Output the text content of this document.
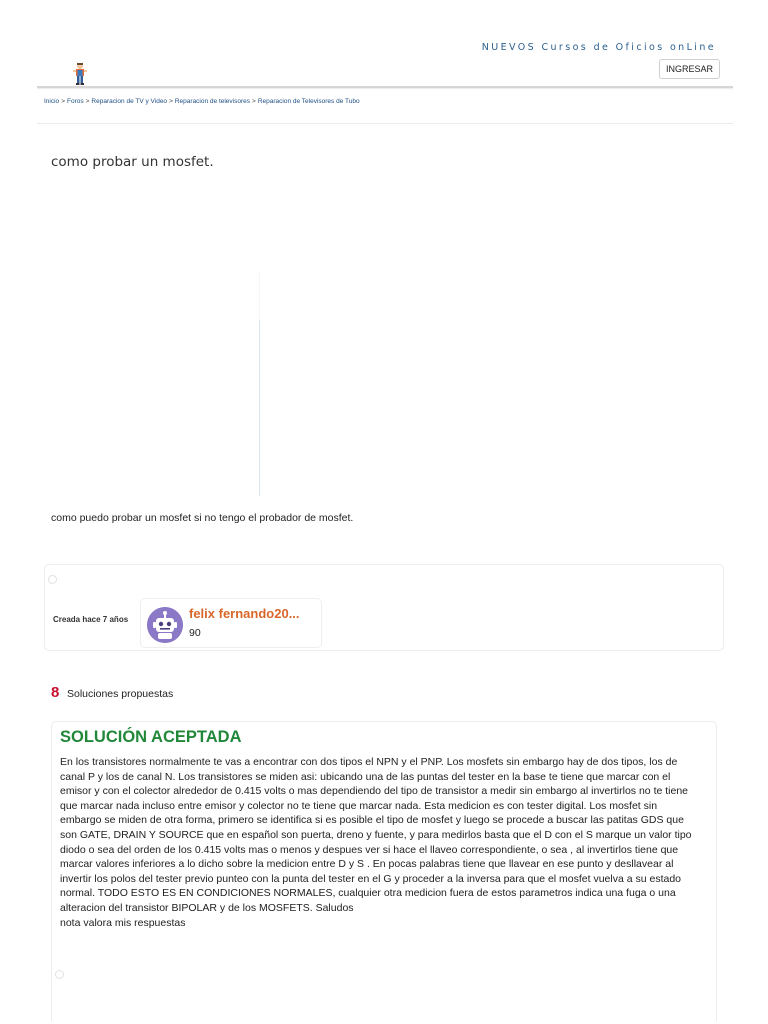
NUEVOS Cursos de Oficios onLine
INGRESAR
Inicio > Foros > Reparacion de TV y Video > Reparacion de televisores > Reparacion de Televisores de Tubo
como probar un mosfet.
como puedo probar un mosfet si no tengo el probador de mosfet.
Creada hace 7 años	felix fernando20...
90
8 Soluciones propuestas
SOLUCIÓN ACEPTADA

En los transistores normalmente te vas a encontrar con dos tipos el NPN y el PNP. Los mosfets sin embargo hay de dos tipos, los de canal P y los de canal N. Los transistores se miden asi: ubicando una de las puntas del tester en la base te tiene que marcar con el emisor y con el colector alrededor de 0.415 volts o mas dependiendo del tipo de transistor a medir sin embargo al invertirlos no te tiene que marcar nada incluso entre emisor y colector no te tiene que marcar nada. Esta medicion es con tester digital. Los mosfet sin embargo se miden de otra forma, primero se identifica si es posible el tipo de mosfet y luego se procede a buscar las patitas GDS que son GATE, DRAIN Y SOURCE que en español son puerta, dreno y fuente, y para medirlos basta que el D con el S marque un valor tipo diodo o sea del orden de los 0.415 volts mas o menos y despues ver si hace el llaveo correspondiente, o sea , al invertirlos tiene que marcar valores inferiores a lo dicho sobre la medicion entre D y S . En pocas palabras tiene que llavear en ese punto y desllavear al invertir los polos del tester previo punteo con la punta del tester en el G y proceder a la inversa para que el mosfet vuelva a su estado normal. TODO ESTO ES EN CONDICIONES NORMALES, cualquier otra medicion fuera de estos parametros indica una fuga o una alteracion del transistor BIPOLAR y de los MOSFETS. Saludos

nota valora mis respuestas
